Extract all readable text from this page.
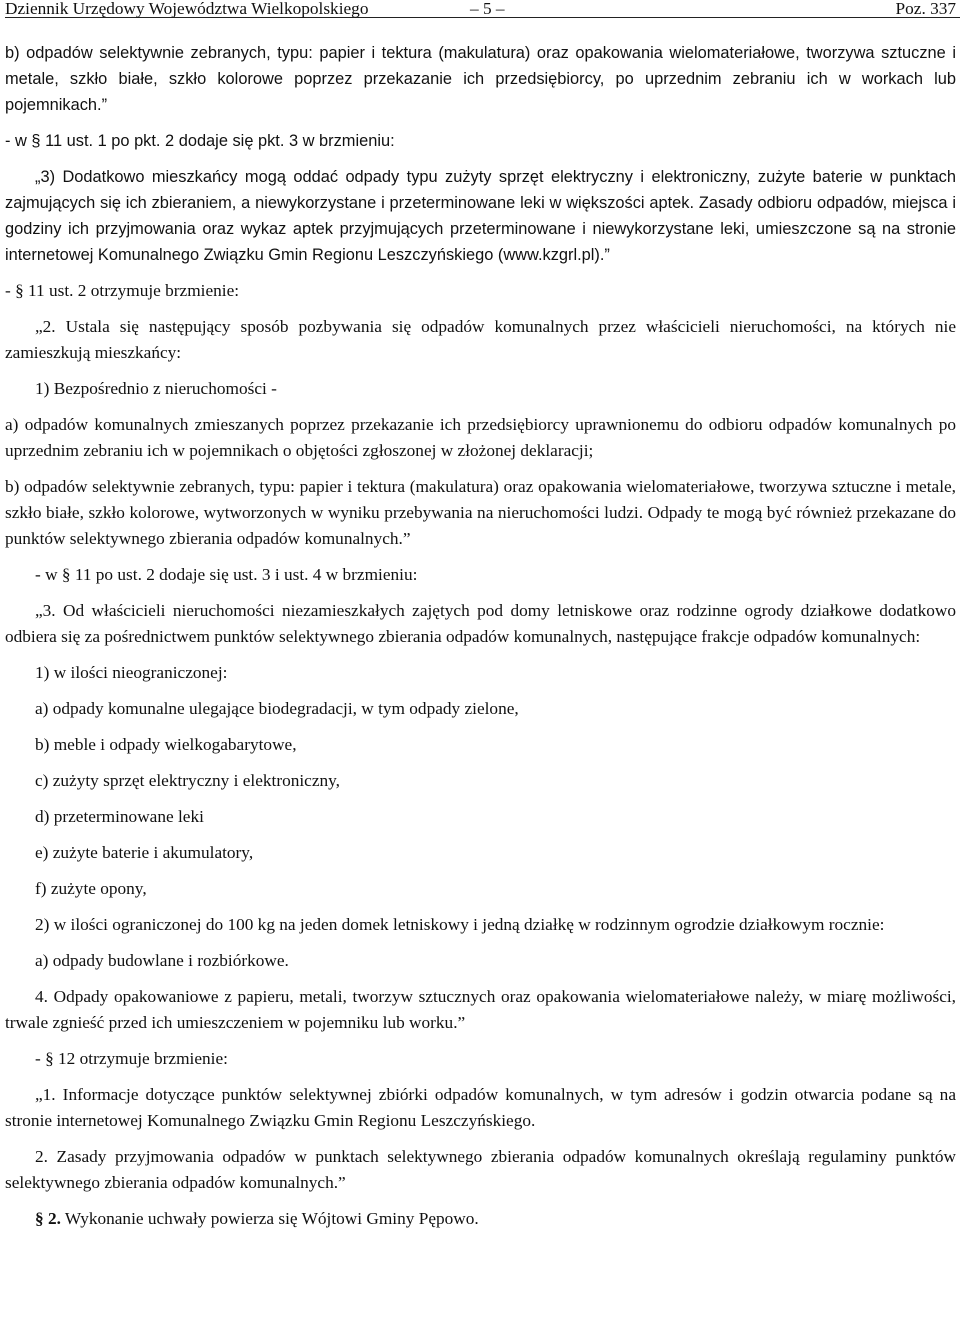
Dziennik Urzędowy Województwa Wielkopolskiego	– 5 –	Poz. 337

b) odpadów selektywnie zebranych, typu: papier i tektura (makulatura) oraz opakowania wielomateriałowe, tworzywa sztuczne i metale, szkło białe, szkło kolorowe poprzez przekazanie ich przedsiębiorcy, po uprzednim zebraniu ich w workach lub pojemnikach.”

- w § 11 ust. 1 po pkt. 2 dodaje się pkt. 3 w brzmieniu:

„3) Dodatkowo mieszkańcy mogą oddać odpady typu zużyty sprzęt elektryczny i elektroniczny, zużyte baterie w punktach zajmujących się ich zbieraniem, a niewykorzystane i przeterminowane leki w większości aptek. Zasady odbioru odpadów, miejsca i godziny ich przyjmowania oraz wykaz aptek przyjmujących przeterminowane i niewykorzystane leki, umieszczone są na stronie internetowej Komunalnego Związku Gmin Regionu Leszczyńskiego (www.kzgrl.pl).”

- § 11 ust. 2 otrzymuje brzmienie:

„2. Ustala się następujący sposób pozbywania się odpadów komunalnych przez właścicieli nieruchomości, na których nie zamieszkują mieszkańcy:

1) Bezpośrednio z nieruchomości -

a) odpadów komunalnych zmieszanych poprzez przekazanie ich przedsiębiorcy uprawnionemu do odbioru odpadów komunalnych po uprzednim zebraniu ich w pojemnikach o objętości zgłoszonej w złożonej deklaracji;

b) odpadów selektywnie zebranych, typu: papier i tektura (makulatura) oraz opakowania wielomateriałowe, tworzywa sztuczne i metale, szkło białe, szkło kolorowe, wytworzonych w wyniku przebywania na nieruchomości ludzi. Odpady te mogą być również przekazane do punktów selektywnego zbierania odpadów komunalnych.”

- w § 11 po ust. 2 dodaje się ust. 3 i ust. 4 w brzmieniu:

„3. Od właścicieli nieruchomości niezamieszkałych zajętych pod domy letniskowe oraz rodzinne ogrody działkowe dodatkowo odbiera się za pośrednictwem punktów selektywnego zbierania odpadów komunalnych, następujące frakcje odpadów komunalnych:

1) w ilości nieograniczonej:

a) odpady komunalne ulegające biodegradacji, w tym odpady zielone,

b) meble i odpady wielkogabarytowe,

c) zużyty sprzęt elektryczny i elektroniczny,

d) przeterminowane leki

e) zużyte baterie i akumulatory,

f) zużyte opony,

2) w ilości ograniczonej do 100 kg na jeden domek letniskowy i jedną działkę w rodzinnym ogrodzie działkowym rocznie:

a) odpady budowlane i rozbiórkowe.

4. Odpady opakowaniowe z papieru, metali, tworzyw sztucznych oraz opakowania wielomateriałowe należy, w miarę możliwości, trwale zgnieść przed ich umieszczeniem w pojemniku lub worku.”

- § 12 otrzymuje brzmienie:

„1. Informacje dotyczące punktów selektywnej zbiórki odpadów komunalnych, w tym adresów i godzin otwarcia podane są na stronie internetowej Komunalnego Związku Gmin Regionu Leszczyńskiego.

2. Zasady przyjmowania odpadów w punktach selektywnego zbierania odpadów komunalnych określają regulaminy punktów selektywnego zbierania odpadów komunalnych.”

§ 2. Wykonanie uchwały powierza się Wójtowi Gminy Pępowo.
